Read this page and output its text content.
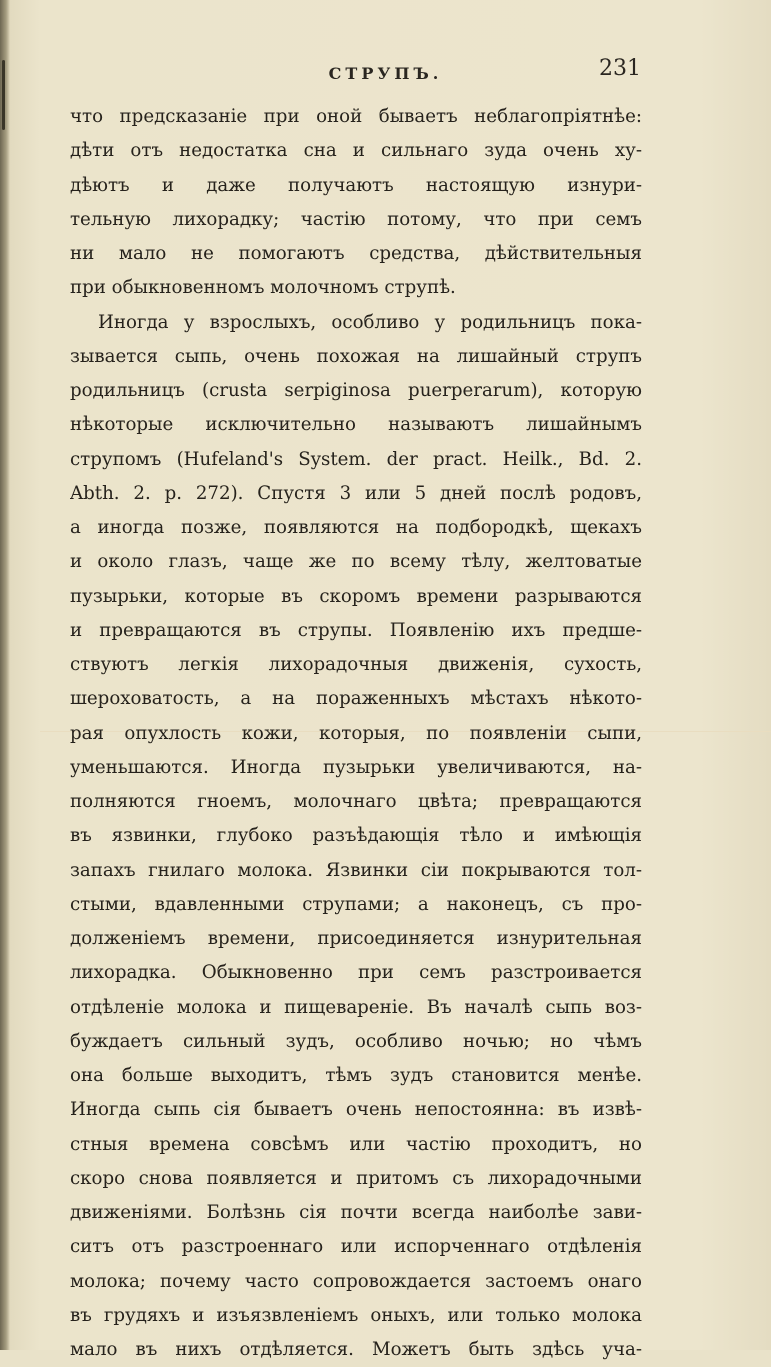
СТРУПЪ.	231
что предсказаніе при оной бываетъ неблагопріятнѣе:
дѣти отъ недостатка сна и сильнаго зуда очень ху-
дѣютъ и даже получаютъ настоящую изнури-
тельную лихорадку; частію потому, что при семъ
ни мало не помогаютъ средства, дѣйствительныя
при обыкновенномъ молочномъ струпѣ.
Иногда у взрослыхъ, особливо у родильницъ пока-
зывается сыпь, очень похожая на лишайный струпъ
родильницъ (crusta serpiginosa puerperarum), которую
нѣкоторые исключительно называютъ лишайнымъ
струпомъ (Hufeland's System. der pract. Heilk., Bd. 2.
Abth. 2. p. 272). Спустя 3 или 5 дней послѣ родовъ,
а иногда позже, появляются на подбородкѣ, щекахъ
и около глазъ, чаще же по всему тѣлу, желтоватые
пузырьки, которые въ скоромъ времени разрываются
и превращаются въ струпы. Появленію ихъ предше-
ствуютъ легкія лихорадочныя движенія, сухость,
шероховатость, а на пораженныхъ мѣстахъ нѣкото-
рая опухлость кожи, которыя, по появленіи сыпи,
уменьшаются. Иногда пузырьки увеличиваются, на-
полняются гноемъ, молочнаго цвѣта; превращаются
въ язвинки, глубоко разъѣдающія тѣло и имѣющія
запахъ гнилаго молока. Язвинки сіи покрываются тол-
стыми, вдавленными струпами; а наконецъ, съ про-
долженіемъ времени, присоединяется изнурительная
лихорадка. Обыкновенно при семъ разстроивается
отдѣленіе молока и пищевареніе. Въ началѣ сыпь воз-
буждаетъ сильный зудъ, особливо ночью; но чѣмъ
она больше выходитъ, тѣмъ зудъ становится менѣе.
Иногда сыпь сія бываетъ очень непостоянна: въ извѣ-
стныя времена совсѣмъ или частію проходитъ, но
скоро снова появляется и притомъ съ лихорадочными
движеніями. Болѣзнь сія почти всегда наиболѣе зави-
ситъ отъ разстроеннаго или испорченнаго отдѣленія
молока; почему часто сопровождается застоемъ онаго
въ грудяхъ и изъязвленіемъ оныхъ, или только молока
мало въ нихъ отдѣляется. Можетъ быть здѣсь уча-
